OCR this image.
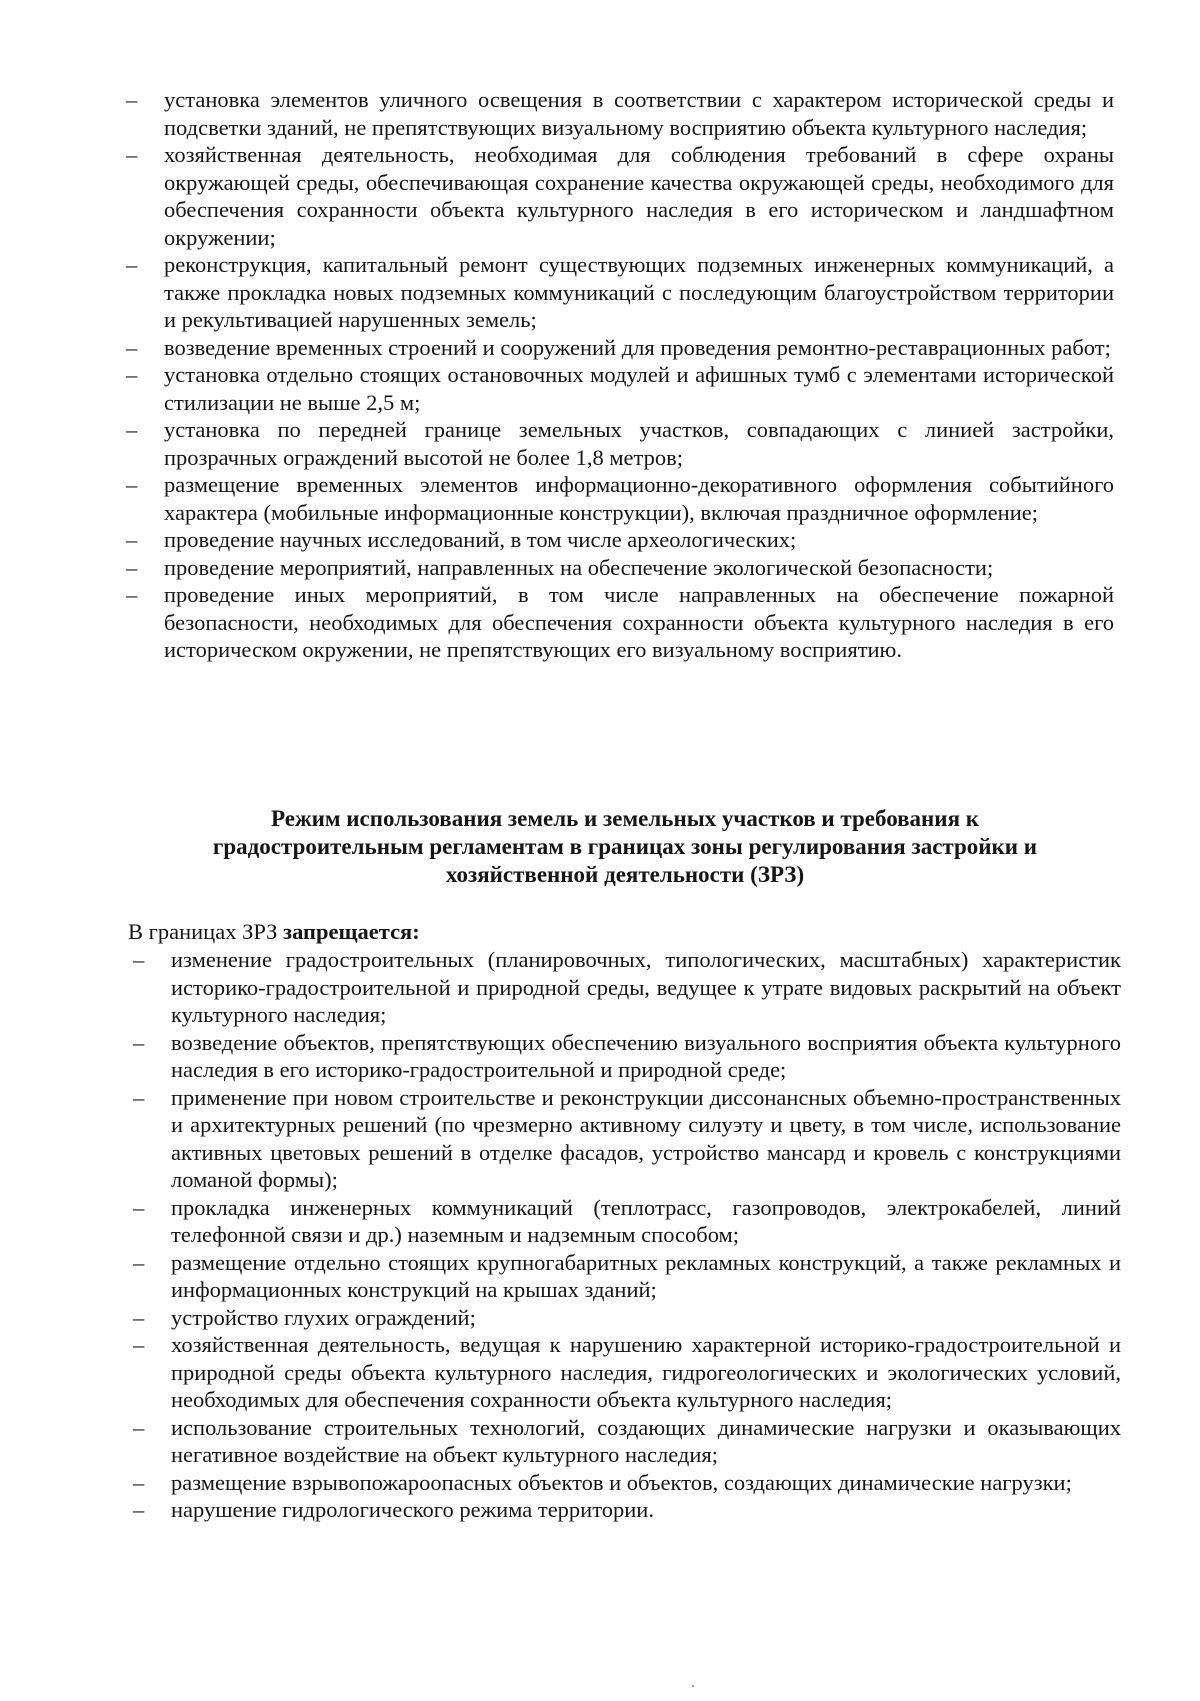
– установка элементов уличного освещения в соответствии с характером исторической среды и подсветки зданий, не препятствующих визуальному восприятию объекта культурного наследия;
– хозяйственная деятельность, необходимая для соблюдения требований в сфере охраны окружающей среды, обеспечивающая сохранение качества окружающей среды, необходимого для обеспечения сохранности объекта культурного наследия в его историческом и ландшафтном окружении;
– реконструкция, капитальный ремонт существующих подземных инженерных коммуникаций, а также прокладка новых подземных коммуникаций с последующим благоустройством территории и рекультивацией нарушенных земель;
– возведение временных строений и сооружений для проведения ремонтно-реставрационных работ;
– установка отдельно стоящих остановочных модулей и афишных тумб с элементами исторической стилизации не выше 2,5 м;
– установка по передней границе земельных участков, совпадающих с линией застройки, прозрачных ограждений высотой не более 1,8 метров;
– размещение временных элементов информационно-декоративного оформления событийного характера (мобильные информационные конструкции), включая праздничное оформление;
– проведение научных исследований, в том числе археологических;
– проведение мероприятий, направленных на обеспечение экологической безопасности;
– проведение иных мероприятий, в том числе направленных на обеспечение пожарной безопасности, необходимых для обеспечения сохранности объекта культурного наследия в его историческом окружении, не препятствующих его визуальному восприятию.
Режим использования земель и земельных участков и требования к
градостроительным регламентам в границах зоны регулирования застройки и
хозяйственной деятельности (ЗРЗ)
В границах ЗРЗ запрещается:
– изменение градостроительных (планировочных, типологических, масштабных) характеристик историко-градостроительной и природной среды, ведущее к утрате видовых раскрытий на объект культурного наследия;
– возведение объектов, препятствующих обеспечению визуального восприятия объекта культурного наследия в его историко-градостроительной и природной среде;
– применение при новом строительстве и реконструкции диссонансных объемно-пространственных и архитектурных решений (по чрезмерно активному силуэту и цвету, в том числе, использование активных цветовых решений в отделке фасадов, устройство мансард и кровель с конструкциями ломаной формы);
– прокладка инженерных коммуникаций (теплотрасс, газопроводов, электрокабелей, линий телефонной связи и др.) наземным и надземным способом;
– размещение отдельно стоящих крупногабаритных рекламных конструкций, а также рекламных и информационных конструкций на крышах зданий;
– устройство глухих ограждений;
– хозяйственная деятельность, ведущая к нарушению характерной историко-градостроительной и природной среды объекта культурного наследия, гидрогеологических и экологических условий, необходимых для обеспечения сохранности объекта культурного наследия;
– использование строительных технологий, создающих динамические нагрузки и оказывающих негативное воздействие на объект культурного наследия;
– размещение взрывопожароопасных объектов и объектов, создающих динамические нагрузки;
– нарушение гидрологического режима территории.
